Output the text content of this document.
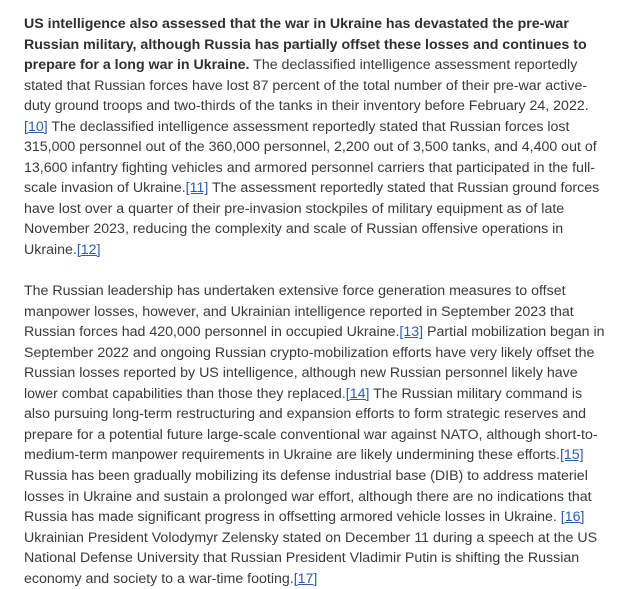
US intelligence also assessed that the war in Ukraine has devastated the pre-war Russian military, although Russia has partially offset these losses and continues to prepare for a long war in Ukraine. The declassified intelligence assessment reportedly stated that Russian forces have lost 87 percent of the total number of their pre-war active-duty ground troops and two-thirds of the tanks in their inventory before February 24, 2022.[10] The declassified intelligence assessment reportedly stated that Russian forces lost 315,000 personnel out of the 360,000 personnel, 2,200 out of 3,500 tanks, and 4,400 out of 13,600 infantry fighting vehicles and armored personnel carriers that participated in the full-scale invasion of Ukraine.[11] The assessment reportedly stated that Russian ground forces have lost over a quarter of their pre-invasion stockpiles of military equipment as of late November 2023, reducing the complexity and scale of Russian offensive operations in Ukraine.[12]

The Russian leadership has undertaken extensive force generation measures to offset manpower losses, however, and Ukrainian intelligence reported in September 2023 that Russian forces had 420,000 personnel in occupied Ukraine.[13] Partial mobilization began in September 2022 and ongoing Russian crypto-mobilization efforts have very likely offset the Russian losses reported by US intelligence, although new Russian personnel likely have lower combat capabilities than those they replaced.[14] The Russian military command is also pursuing long-term restructuring and expansion efforts to form strategic reserves and prepare for a potential future large-scale conventional war against NATO, although short-to-medium-term manpower requirements in Ukraine are likely undermining these efforts.[15] Russia has been gradually mobilizing its defense industrial base (DIB) to address materiel losses in Ukraine and sustain a prolonged war effort, although there are no indications that Russia has made significant progress in offsetting armored vehicle losses in Ukraine. [16] Ukrainian President Volodymyr Zelensky stated on December 11 during a speech at the US National Defense University that Russian President Vladimir Putin is shifting the Russian economy and society to a war-time footing.[17]
